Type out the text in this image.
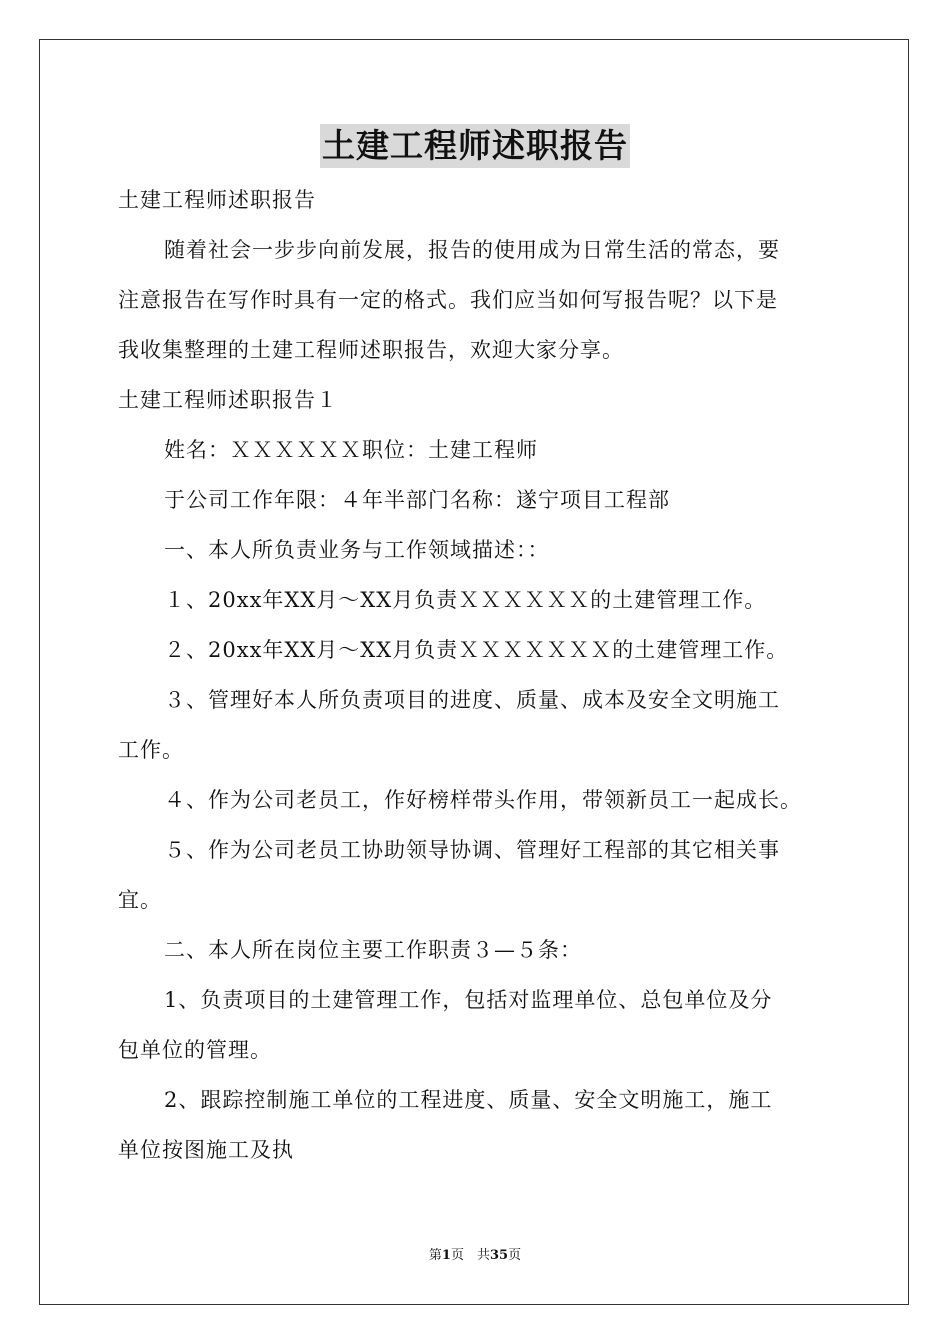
土建工程师述职报告
土建工程师述职报告
随着社会一步步向前发展，报告的使用成为日常生活的常态，要
注意报告在写作时具有一定的格式。我们应当如何写报告呢？以下是
我收集整理的土建工程师述职报告，欢迎大家分享。
土建工程师述职报告１
姓名：ＸＸＸＸＸＸ职位：土建工程师
于公司工作年限：４年半部门名称：遂宁项目工程部
一、本人所负责业务与工作领域描述：：
１、20xx年XX月～XX月负责ＸＸＸＸＸＸ的土建管理工作。
２、20xx年XX月～XX月负责ＸＸＸＸＸＸＸ的土建管理工作。
３、管理好本人所负责项目的进度、质量、成本及安全文明施工
工作。
４、作为公司老员工，作好榜样带头作用，带领新员工一起成长。
５、作为公司老员工协助领导协调、管理好工程部的其它相关事
宜。
二、本人所在岗位主要工作职责３—５条：
1、负责项目的土建管理工作，包括对监理单位、总包单位及分
包单位的管理。
2、跟踪控制施工单位的工程进度、质量、安全文明施工，施工
单位按图施工及执
第1页　共35页
